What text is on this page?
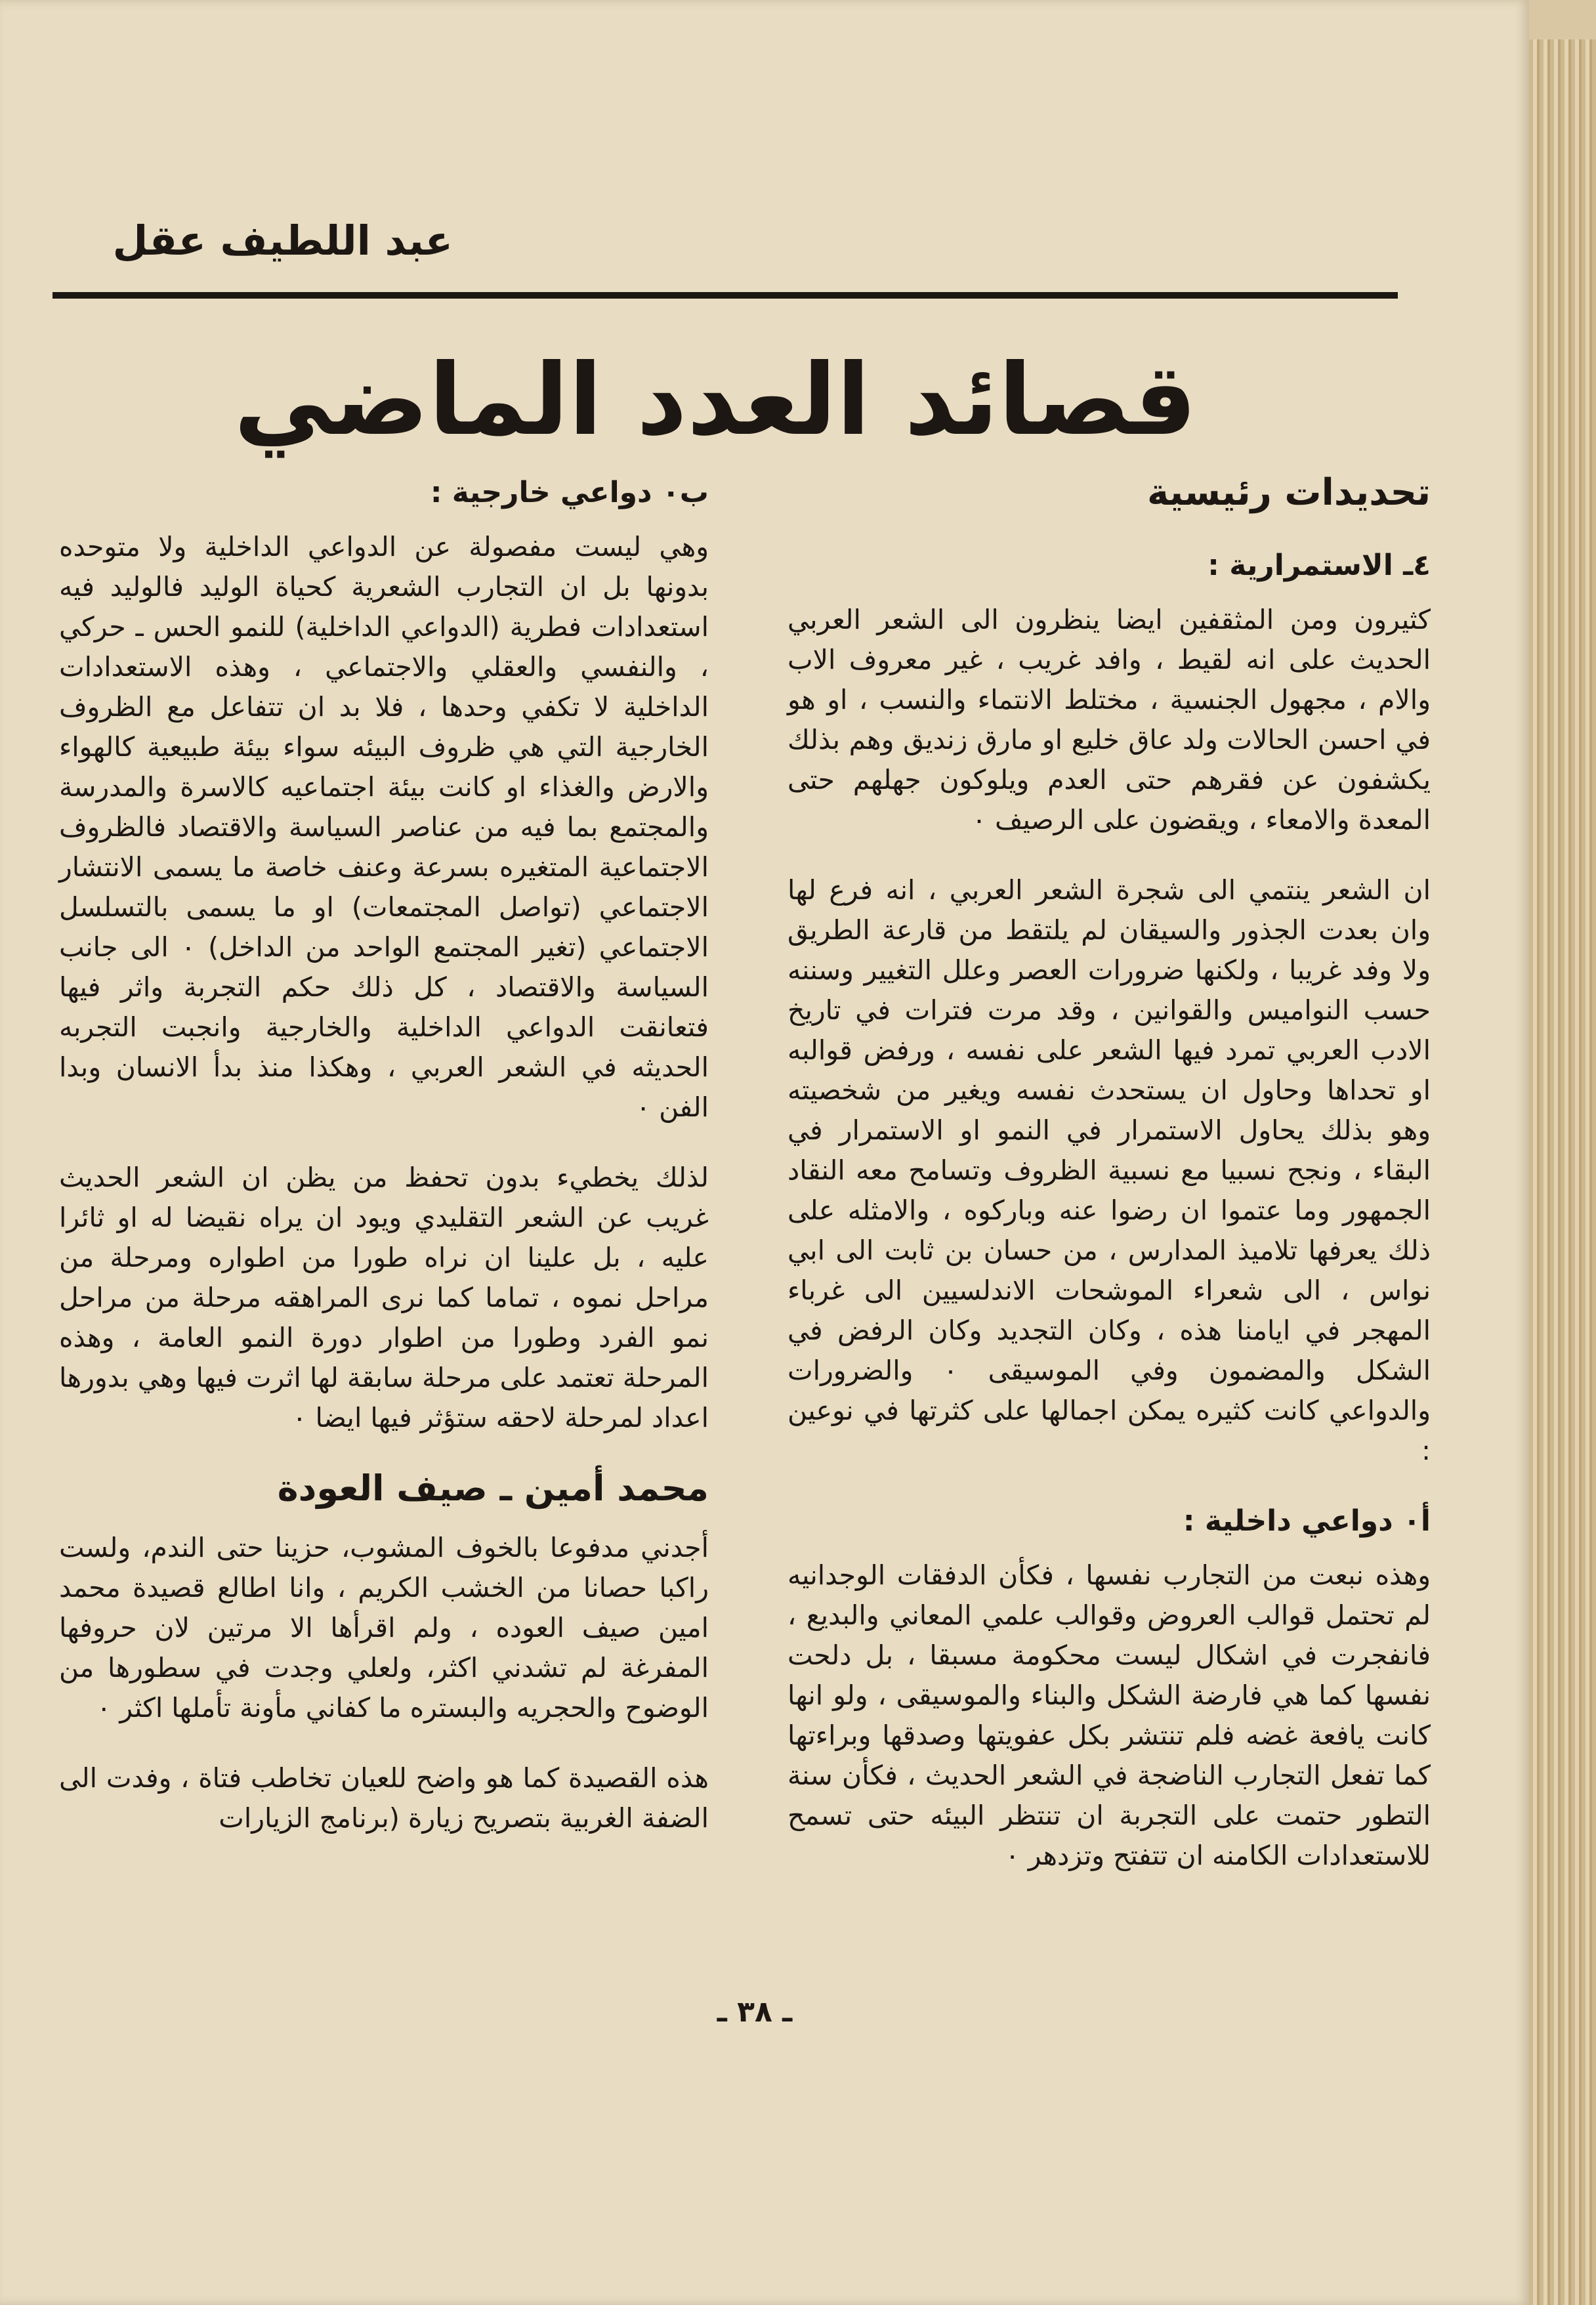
عبد اللطيف عقل
قصائد العدد الماضي
تحديدات رئيسية
٤ـ الاستمرارية :

كثيرون ومن المثقفين ايضا ينظرون الى الشعر العربي الحديث على انه لقيط ، وافد غريب ، غير معروف الاب والام ، مجهول الجنسية ، مختلط الانتماء والنسب ، او هو في احسن الحالات ولد عاق خليع او مارق زنديق وهم بذلك يكشفون عن فقرهم حتى العدم ويلوكون جهلهم حتى المعدة والامعاء ، ويقضون على الرصيف ٠

ان الشعر ينتمي الى شجرة الشعر العربي ، انه فرع لها وان بعدت الجذور والسيقان لم يلتقط من قارعة الطريق ولا وفد غريبا ، ولكنها ضرورات العصر وعلل التغيير وسننه حسب النواميس والقوانين ، وقد مرت فترات في تاريخ الادب العربي تمرد فيها الشعر على نفسه ، ورفض قوالبه او تحداها وحاول ان يستحدث نفسه ويغير من شخصيته وهو بذلك يحاول الاستمرار في النمو او الاستمرار في البقاء ، ونجح نسبيا مع نسبية الظروف وتسامح معه النقاد الجمهور وما عتموا ان رضوا عنه وباركوه ، والامثله على ذلك يعرفها تلاميذ المدارس ، من حسان بن ثابت الى ابي نواس ، الى شعراء الموشحات الاندلسيين الى غرباء المهجر في ايامنا هذه ، وكان التجديد وكان الرفض في الشكل والمضمون وفي الموسيقى ٠ والضرورات والدواعي كانت كثيره يمكن اجمالها على كثرتها في نوعين :

أ٠ دواعي داخلية :

وهذه نبعت من التجارب نفسها ، فكأن الدفقات الوجدانيه لم تحتمل قوالب العروض وقوالب علمي المعاني والبديع ، فانفجرت في اشكال ليست محكومة مسبقا ، بل دلحت نفسها كما هي فارضة الشكل والبناء والموسيقى ، ولو انها كانت يافعة غضه فلم تنتشر بكل عفويتها وصدقها وبراءتها كما تفعل التجارب الناضجة في الشعر الحديث ، فكأن سنة التطور حتمت على التجربة ان تنتظر البيئه حتى تسمح للاستعدادات الكامنه ان تتفتح وتزدهر ٠

ب٠ دواعي خارجية :

وهي ليست مفصولة عن الدواعي الداخلية ولا متوحده بدونها بل ان التجارب الشعرية كحياة الوليد فالوليد فيه استعدادات فطرية (الدواعي الداخلية) للنمو الحس ـ حركي ، والنفسي والعقلي والاجتماعي ، وهذه الاستعدادات الداخلية لا تكفي وحدها ، فلا بد ان تتفاعل مع الظروف الخارجية التي هي ظروف البيئه سواء بيئة طبيعية كالهواء والارض والغذاء او كانت بيئة اجتماعيه كالاسرة والمدرسة والمجتمع بما فيه من عناصر السياسة والاقتصاد فالظروف الاجتماعية المتغيره بسرعة وعنف خاصة ما يسمى الانتشار الاجتماعي (تواصل المجتمعات) او ما يسمى بالتسلسل الاجتماعي (تغير المجتمع الواحد من الداخل) ٠ الى جانب السياسة والاقتصاد ، كل ذلك حكم التجربة واثر فيها فتعانقت الدواعي الداخلية والخارجية وانجبت التجربه الحديثه في الشعر العربي ، وهكذا منذ بدأ الانسان وبدا الفن ٠

لذلك يخطيء بدون تحفظ من يظن ان الشعر الحديث غريب عن الشعر التقليدي ويود ان يراه نقيضا له او ثائرا عليه ، بل علينا ان نراه طورا من اطواره ومرحلة من مراحل نموه ، تماما كما نرى المراهقه مرحلة من مراحل نمو الفرد وطورا من اطوار دورة النمو العامة ، وهذه المرحلة تعتمد على مرحلة سابقة لها اثرت فيها وهي بدورها اعداد لمرحلة لاحقه ستؤثر فيها ايضا ٠

محمد أمين ـ صيف العودة

أجدني مدفوعا بالخوف المشوب، حزينا حتى الندم، ولست راكبا حصانا من الخشب الكريم ، وانا اطالع قصيدة محمد امين صيف العوده ، ولم اقرأها الا مرتين لان حروفها المفرغة لم تشدني اكثر، ولعلي وجدت في سطورها من الوضوح والحجريه والبستره ما كفاني مأونة تأملها اكثر ٠

هذه القصيدة كما هو واضح للعيان تخاطب فتاة ، وفدت الى الضفة الغربية بتصريح زيارة (برنامج الزيارات

ـ ٣٨ ـ
